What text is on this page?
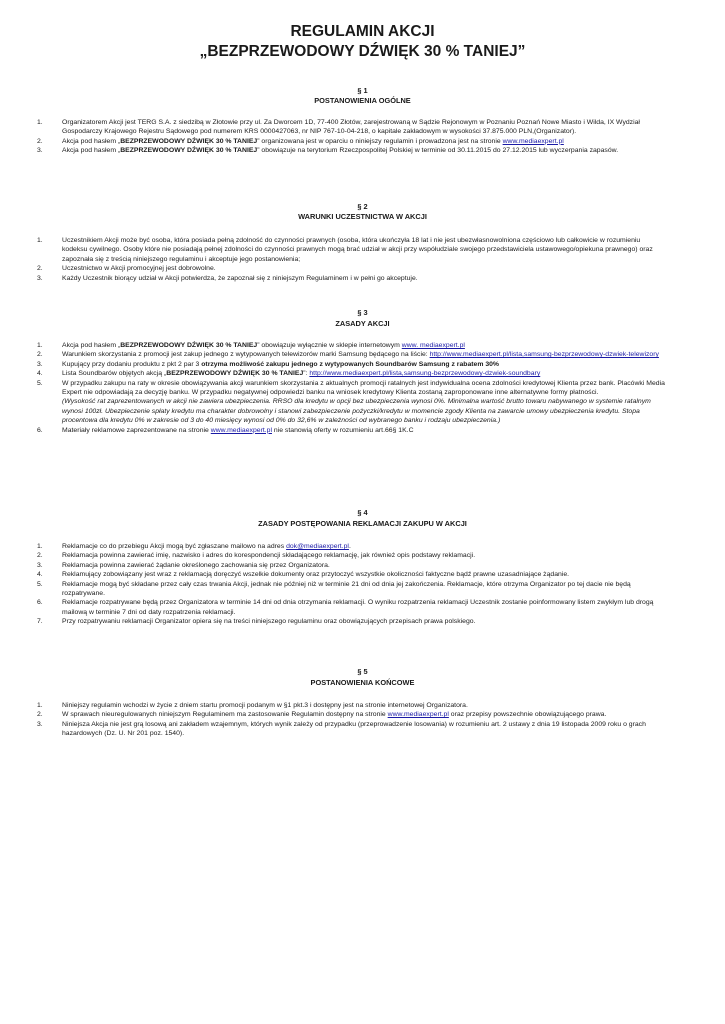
REGULAMIN AKCJI
„BEZPRZEWODOWY DŹWIĘK 30 % TANIEJ”
§ 1
POSTANOWIENIA OGÓLNE
1.	Organizatorem Akcji jest TERG S.A. z siedzibą w Złotowie przy ul. Za Dworcem 1D, 77-400 Złotów, zarejestrowaną w Sądzie Rejonowym w Poznaniu Poznań Nowe Miasto i Wilda, IX Wydział Gospodarczy Krajowego Rejestru Sądowego pod numerem KRS 0000427063, nr NIP 767-10-04-218, o kapitale zakładowym w wysokości 37.875.000 PLN,(Organizator).
2.	Akcja pod hasłem „BEZPRZEWODOWY DŹWIĘK 30 % TANIEJ” organizowana jest w oparciu o niniejszy regulamin i prowadzona jest na stronie www.mediaexpert.pl
3.	Akcja pod hasłem „BEZPRZEWODOWY DŹWIĘK 30 % TANIEJ” obowiązuje na terytorium Rzeczpospolitej Polskiej w terminie od 30.11.2015 do 27.12.2015 lub wyczerpania zapasów.
§ 2
WARUNKI UCZESTNICTWA W AKCJI
1.	Uczestnikiem Akcji może być osoba, która posiada pełną zdolność do czynności prawnych (osoba, która ukończyła 18 lat i nie jest ubezwłasnowolniona częściowo lub całkowicie w rozumieniu kodeksu cywilnego. Osoby które nie posiadają pełnej zdolności do czynności prawnych mogą brać udział w akcji przy współudziale swojego przedstawiciela ustawowego/opiekuna prawnego) oraz zapoznała się z treścią niniejszego regulaminu i akceptuje jego postanowienia;
2.	Uczestnictwo w Akcji promocyjnej jest dobrowolne.
3.	Każdy Uczestnik biorący udział w Akcji potwierdza, że zapoznał się z niniejszym Regulaminem i w pełni go akceptuje.
§ 3
ZASADY AKCJI
1.	Akcja pod hasłem „BEZPRZEWODOWY DŹWIĘK 30 % TANIEJ” obowiązuje wyłącznie w sklepie internetowym www. mediaexpert.pl
2.	Warunkiem skorzystania z promocji jest zakup jednego z wytypowanych telewizorów marki Samsung będącego na liście: http://www.mediaexpert.pl/lista,samsung-bezprzewodowy-dzwiek-telewizory
3.	Kupujący przy dodaniu produktu z pkt 2 par 3 otrzyma możliwość zakupu jednego z wytypowanych Soundbarów Samsung z rabatem 30%
4.	Lista Soundbarów objętych akcją „BEZPRZEWODOWY DŹWIĘK 30 % TANIEJ”: http://www.mediaexpert.pl/lista,samsung-bezprzewodowy-dzwiek-soundbary
5.	W przypadku zakupu na raty w okresie obowiązywania akcji warunkiem skorzystania z aktualnych promocji ratalnych jest indywidualna ocena zdolności kredytowej Klienta przez bank. Placówki Media Expert nie odpowiadają za decyzję banku. W przypadku negatywnej odpowiedzi banku na wniosek kredytowy Klienta zostaną zaproponowane inne alternatywne formy płatności.
(Wysokość rat zaprezentowanych w akcji nie zawiera ubezpieczenia. RRSO dla kredytu w opcji bez ubezpieczenia wynosi 0%. Minimalna wartość brutto towaru nabywanego w systemie ratalnym wynosi 100zł. Ubezpieczenie spłaty kredytu ma charakter dobrowolny i stanowi zabezpieczenie pożyczki/kredytu w momencie zgody Klienta na zawarcie umowy ubezpieczenia kredytu. Stopa procentowa dla kredytu 0% w zakresie od 3 do 40 miesięcy wynosi od 0% do 32,6% w zależności od wybranego banku i rodzaju ubezpieczenia.)
6.	Materiały reklamowe zaprezentowane na stronie www.mediaexpert.pl nie stanowią oferty w rozumieniu art.66§ 1K.C
§ 4
ZASADY POSTĘPOWANIA REKLAMACJI ZAKUPU W AKCJI
1.	Reklamacje co do przebiegu Akcji mogą być zgłaszane mailowo na adres dok@mediaexpert.pl.
2.	Reklamacja powinna zawierać imię, nazwisko i adres do korespondencji składającego reklamację, jak również opis podstawy reklamacji.
3.	Reklamacja powinna zawierać żądanie określonego zachowania się przez Organizatora.
4.	Reklamujący zobowiązany jest wraz z reklamacją doręczyć wszelkie dokumenty oraz przytoczyć wszystkie okoliczności faktyczne bądź prawne uzasadniające żądanie.
5.	Reklamacje mogą być składane przez cały czas trwania Akcji, jednak nie później niż w terminie 21 dni od dnia jej zakończenia. Reklamacje, które otrzyma Organizator po tej dacie nie będą rozpatrywane.
6.	Reklamacje rozpatrywane będą przez Organizatora w terminie 14 dni od dnia otrzymania reklamacji. O wyniku rozpatrzenia reklamacji Uczestnik zostanie poinformowany listem zwykłym lub drogą mailową w terminie 7 dni od daty rozpatrzenia reklamacji.
7.	Przy rozpatrywaniu reklamacji Organizator opiera się na treści niniejszego regulaminu oraz obowiązujących przepisach prawa polskiego.
§ 5
POSTANOWIENIA KOŃCOWE
1.	Niniejszy regulamin wchodzi w życie z dniem startu promocji podanym w §1 pkt.3 i dostępny jest na stronie internetowej Organizatora.
2.	W sprawach nieuregulowanych niniejszym Regulaminem ma zastosowanie Regulamin dostępny na stronie www.mediaexpert.pl oraz przepisy powszechnie obowiązującego prawa.
3.	Niniejsza Akcja nie jest grą losową ani zakładem wzajemnym, których wynik zależy od przypadku (przeprowadzenie losowania) w rozumieniu art. 2 ustawy z dnia 19 listopada 2009 roku o grach hazardowych (Dz. U. Nr 201 poz. 1540).
